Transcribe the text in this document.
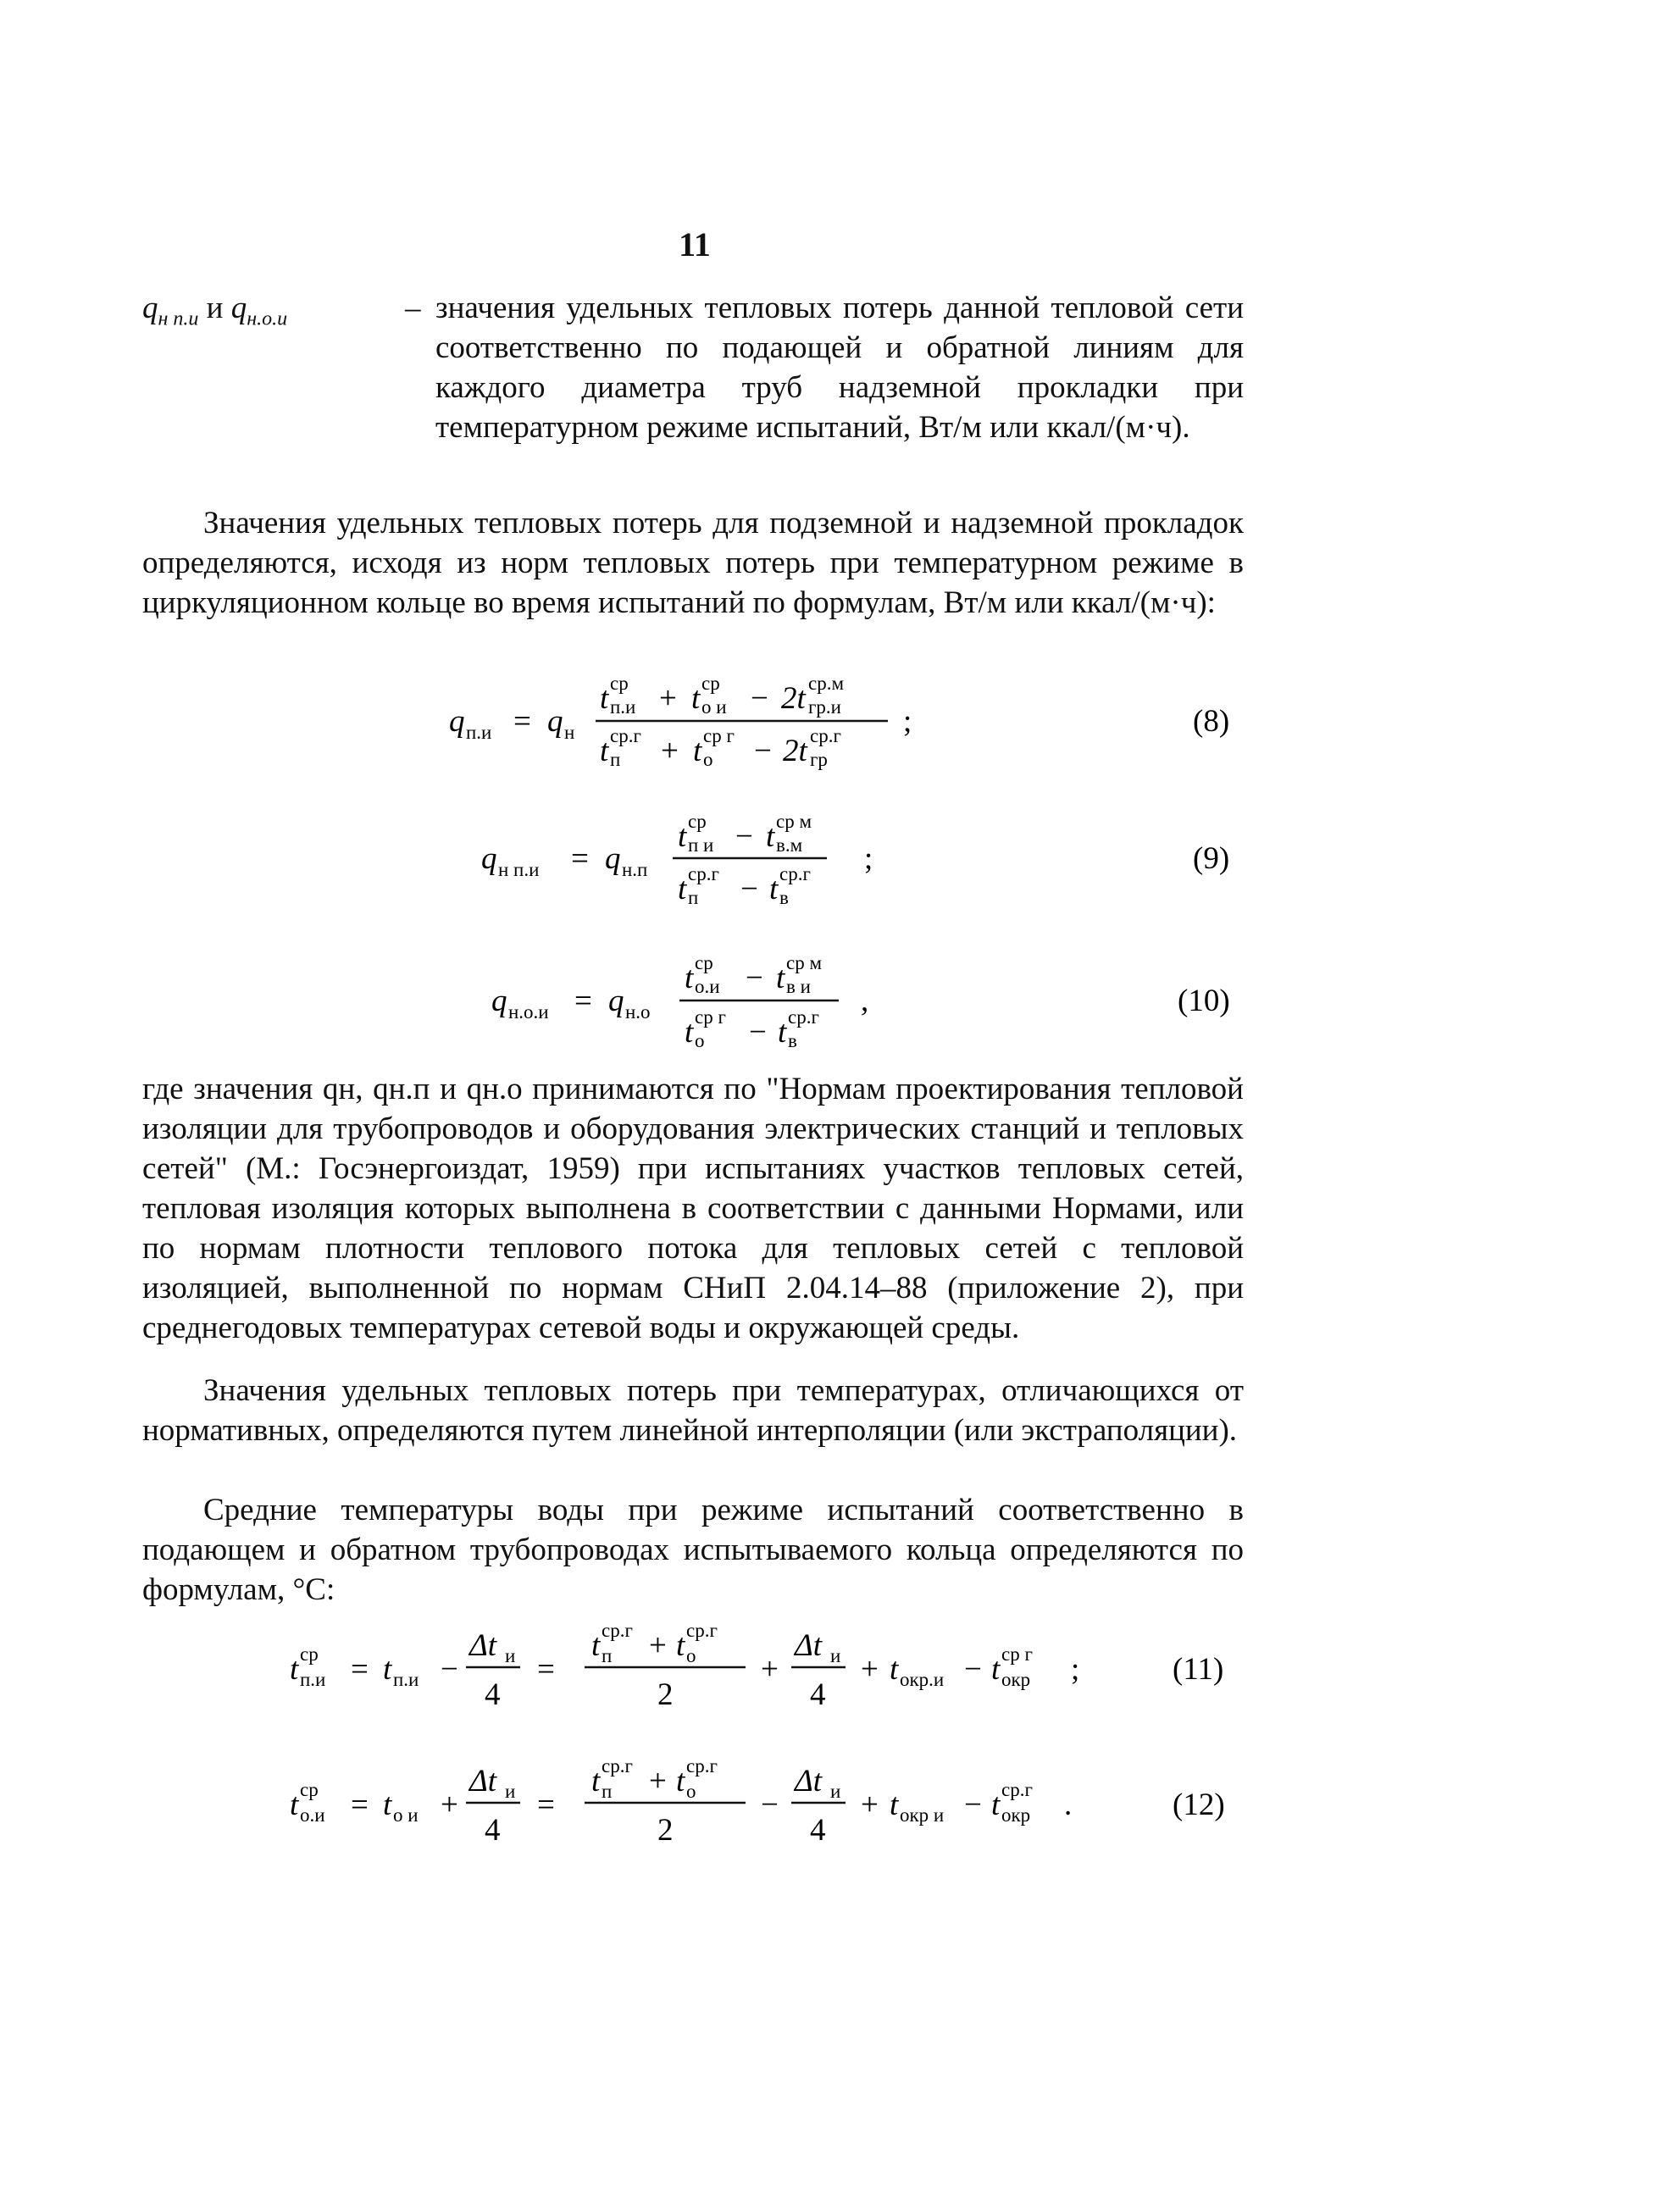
11
$q_{н п.и}$ и $q_{н.о.и}$	– значения удельных тепловых потерь данной тепловой сети соответственно по подающей и обратной линиям для каждого диаметра труб надземной прокладки при температурном режиме испытаний, Вт/м или ккал/(м·ч).

Значения удельных тепловых потерь для подземной и надземной прокладок определяются, исходя из норм тепловых потерь при температурном режиме в циркуляционном кольце во время испытаний по формулам, Вт/м или ккал/(м·ч):

q п.и = q н
t ср
п.и + t ср
о и − 2t ср.м
гр.и
t ср.г
п + t ср г
о − 2t ср.г
гр
;	(8)
q н п.и = q н.п
t ср
п и − t ср м
в.м
t ср.г
п − t ср.г
в
;	(9)
q н.о.и = q н.о
t ср
о.и − t ср м
в и
t ср г
о − t ср.г
в
,	(10)

где значения qн, qн.п и qн.о принимаются по "Нормам проектирования тепловой изоляции для трубопроводов и оборудования электрических станций и тепловых сетей" (М.: Госэнергоиздат, 1959) при испытаниях участков тепловых сетей, тепловая изоляция которых выполнена в соответствии с данными Нормами, или по нормам плотности теплового потока для тепловых сетей с тепловой изоляцией, выполненной по нормам СНиП 2.04.14–88 (приложение 2), при среднегодовых температурах сетевой воды и окружающей среды.

Значения удельных тепловых потерь при температурах, отличающихся от нормативных, определяются путем линейной интерполяции (или экстраполяции).

Средние температуры воды при режиме испытаний соответственно в подающем и обратном трубопроводах испытываемого кольца определяются по формулам, °С:

t ср
п.и = t п.и −
Δt и
4
=
t ср.г
п + t ср.г
о
2
+
Δt и
4
+ t окр.и − t ср г
окр ;	(11)
t ср
о.и = t о и +
Δt и
4
=
t ср.г
п + t ср.г
о
2
−
Δt и
4
+ t окр и − t ср.г
окр .	(12)
